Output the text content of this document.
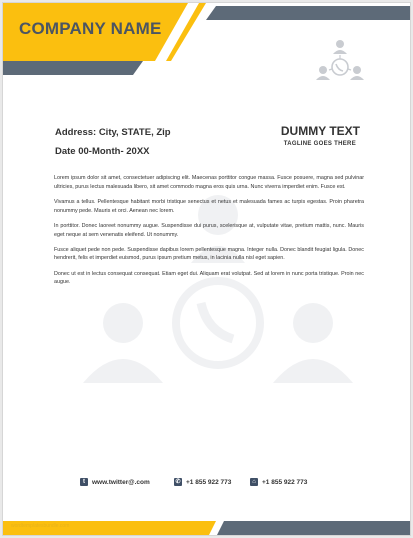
COMPANY NAME
Address: City, STATE, Zip
Date 00-Month- 20XX
DUMMY TEXT
TAGLINE GOES THERE

Lorem ipsum dolor sit amet, consectetuer adipiscing elit. Maecenas porttitor congue massa. Fusce posuere, magna sed pulvinar ultricies, purus lectus malesuada libero, sit amet commodo magna eros quis urna. Nunc viverra imperdiet enim. Fusce est.

Vivamus a tellus. Pellentesque habitant morbi tristique senectus et netus et malesuada fames ac turpis egestas. Proin pharetra nonummy pede. Mauris et orci. Aenean nec lorem.

In porttitor. Donec laoreet nonummy augue. Suspendisse dui purus, scelerisque at, vulputate vitae, pretium mattis, nunc. Mauris eget neque at sem venenatis eleifend. Ut nonummy.

Fusce aliquet pede non pede. Suspendisse dapibus lorem pellentesque magna. Integer nulla. Donec blandit feugiat ligula. Donec hendrerit, felis et imperdiet euismod, purus ipsum pretium metus, in lacinia nulla nisl eget sapien.

Donec ut est in lectus consequat consequat. Etiam eget dui. Aliquam erat volutpat. Sed at lorem in nunc porta tristique. Proin nec augue.

t	www.twitter@.com	✆ +1 855 922 773	⌂ +1 855 922 773
wordtemplatesbundle.com
